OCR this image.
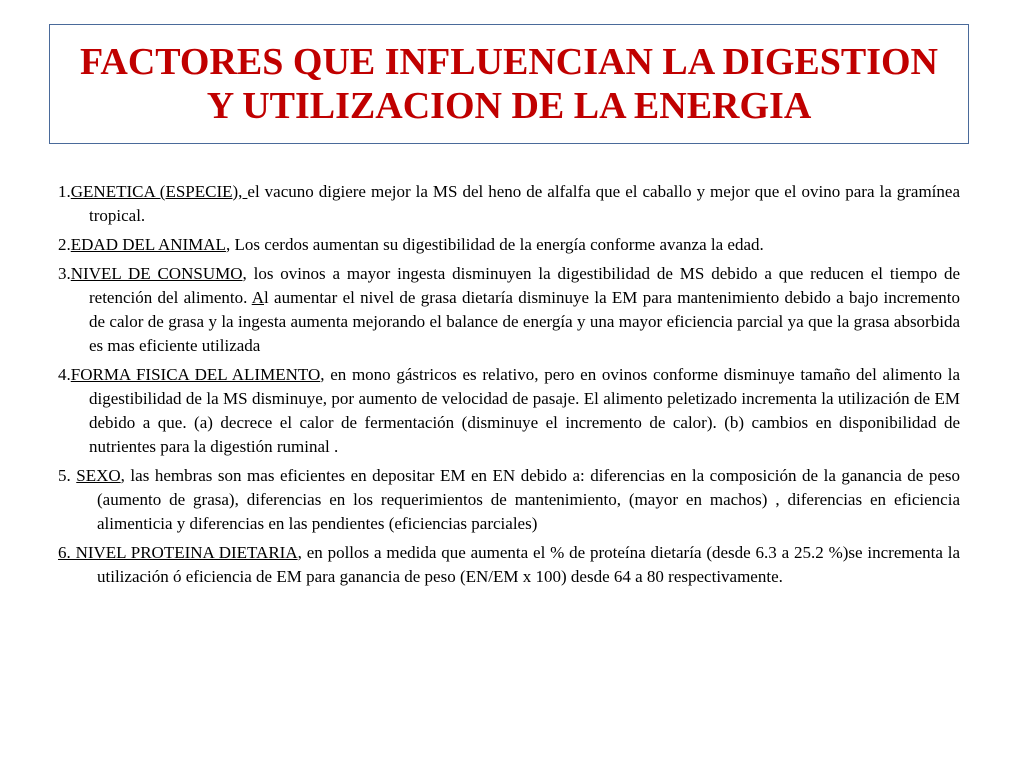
FACTORES QUE INFLUENCIAN LA DIGESTION
Y UTILIZACION DE LA ENERGIA

1.GENETICA (ESPECIE), el vacuno digiere mejor la MS del heno de alfalfa que el caballo y mejor que el ovino para la gramínea tropical.

2.EDAD DEL ANIMAL, Los cerdos aumentan su digestibilidad de la energía conforme avanza la edad.

3.NIVEL DE CONSUMO, los ovinos a mayor ingesta disminuyen la digestibilidad de MS debido a que reducen el tiempo de retención del alimento. Al aumentar el nivel de grasa dietaría disminuye la EM para mantenimiento debido a bajo incremento de calor de grasa y la ingesta aumenta mejorando el balance de energía y una mayor eficiencia parcial ya que la grasa absorbida es mas eficiente utilizada

4.FORMA FISICA DEL ALIMENTO, en mono gástricos es relativo, pero en ovinos conforme disminuye tamaño del alimento la digestibilidad de la MS disminuye, por aumento de velocidad de pasaje. El alimento peletizado incrementa la utilización de EM debido a que. (a) decrece el calor de fermentación (disminuye el incremento de calor). (b) cambios en disponibilidad de nutrientes para la digestión ruminal .

5. SEXO, las hembras son mas eficientes en depositar EM en EN debido a: diferencias en la composición de la ganancia de peso (aumento de grasa), diferencias en los requerimientos de mantenimiento, (mayor en machos) , diferencias en eficiencia alimenticia y diferencias en las pendientes (eficiencias parciales)

6. NIVEL PROTEINA DIETARIA, en pollos a medida que aumenta el % de proteína dietaría (desde 6.3 a 25.2 %)se incrementa la utilización ó eficiencia de EM para ganancia de peso (EN/EM x 100) desde 64 a 80 respectivamente.
